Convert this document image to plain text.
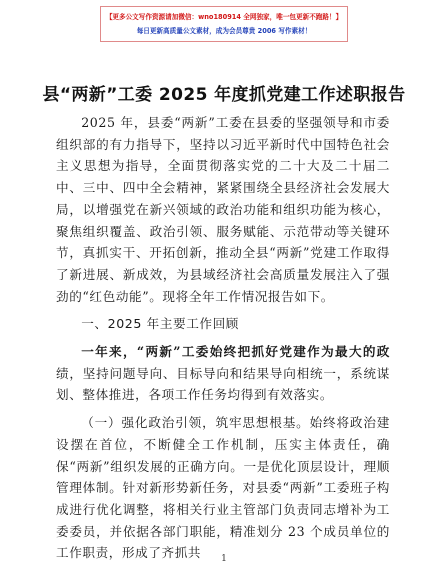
【更多公文写作资源请加微信：wno180914 全网独家，唯一包更新不跑路！】
每日更新高质量公文素材，成为会员尊贵 2006 写作素材！
县“两新”工委 2025 年度抓党建工作述职报告

2025 年，县委“两新”工委在县委的坚强领导和市委组织部的有力指导下，坚持以习近平新时代中国特色社会主义思想为指导，全面贯彻落实党的二十大及二十届二中、三中、四中全会精神，紧紧围绕全县经济社会发展大局，以增强党在新兴领域的政治功能和组织功能为核心，聚焦组织覆盖、政治引领、服务赋能、示范带动等关键环节，真抓实干、开拓创新，推动全县“两新”党建工作取得了新进展、新成效，为县域经济社会高质量发展注入了强劲的“红色动能”。现将全年工作情况报告如下。

一、2025 年主要工作回顾

一年来，“两新”工委始终把抓好党建作为最大的政绩，坚持问题导向、目标导向和结果导向相统一，系统谋划、整体推进，各项工作任务均得到有效落实。

（一）强化政治引领，筑牢思想根基。始终将政治建设摆在首位，不断健全工作机制，压实主体责任，确保“两新”组织发展的正确方向。一是优化顶层设计，理顺管理体制。针对新形势新任务，对县委“两新”工委班子构成进行优化调整，将相关行业主管部门负责同志增补为工委委员，并依据各部门职能，精准划分 23 个成员单位的工作职责，形成了齐抓共	1
